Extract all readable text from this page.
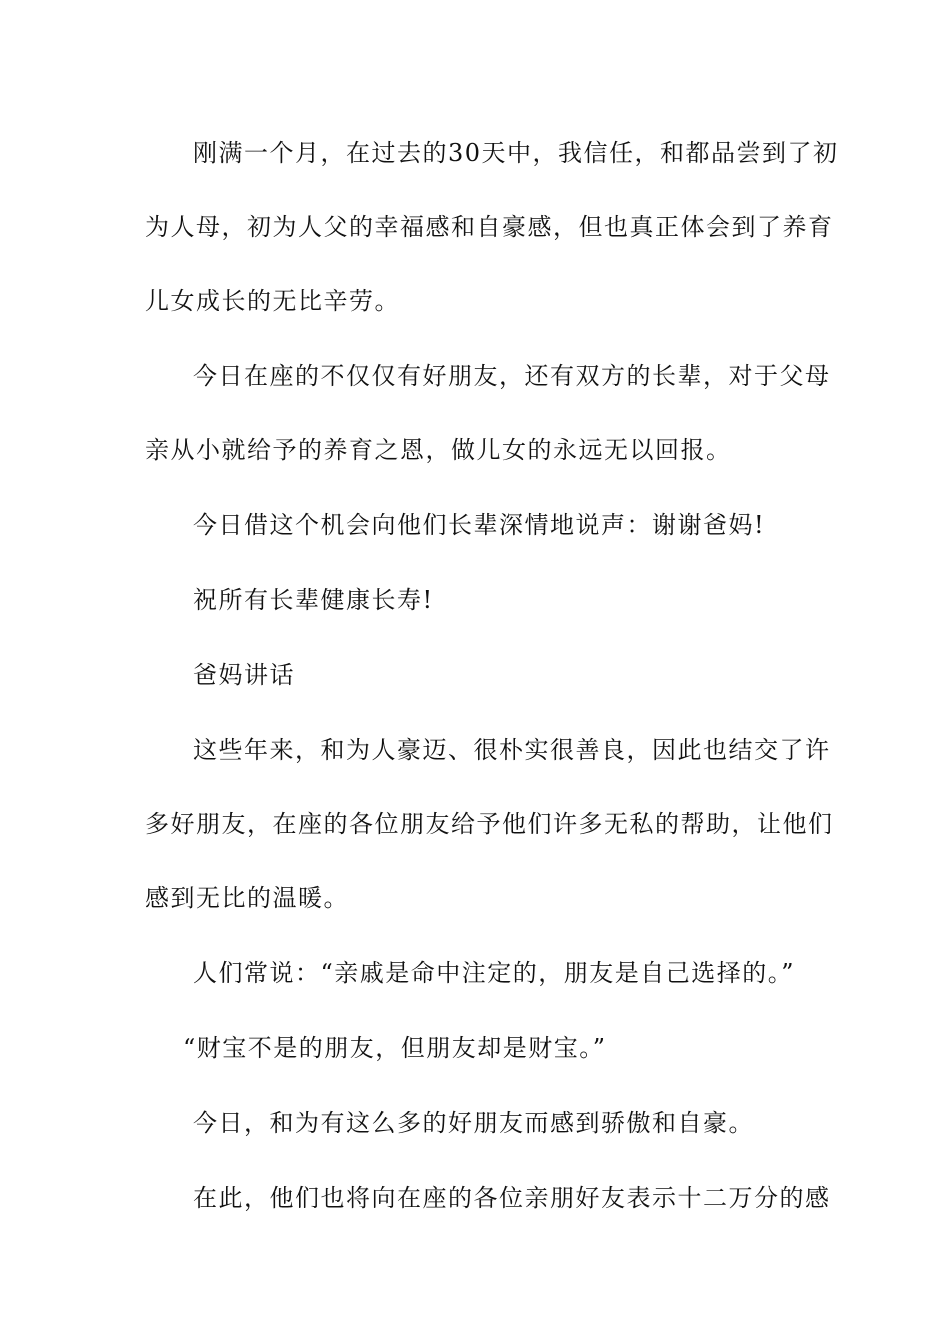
刚满一个月，在过去的30天中，我信任，和都品尝到了初
为人母，初为人父的幸福感和自豪感，但也真正体会到了养育
儿女成长的无比辛劳。
今日在座的不仅仅有好朋友，还有双方的长辈，对于父母
亲从小就给予的养育之恩，做儿女的永远无以回报。
今日借这个机会向他们长辈深情地说声：谢谢爸妈!
祝所有长辈健康长寿!
爸妈讲话
这些年来，和为人豪迈、很朴实很善良，因此也结交了许
多好朋友，在座的各位朋友给予他们许多无私的帮助，让他们
感到无比的温暖。
人们常说：“亲戚是命中注定的，朋友是自己选择的。”
“财宝不是的朋友，但朋友却是财宝。”
今日，和为有这么多的好朋友而感到骄傲和自豪。
在此，他们也将向在座的各位亲朋好友表示十二万分的感
